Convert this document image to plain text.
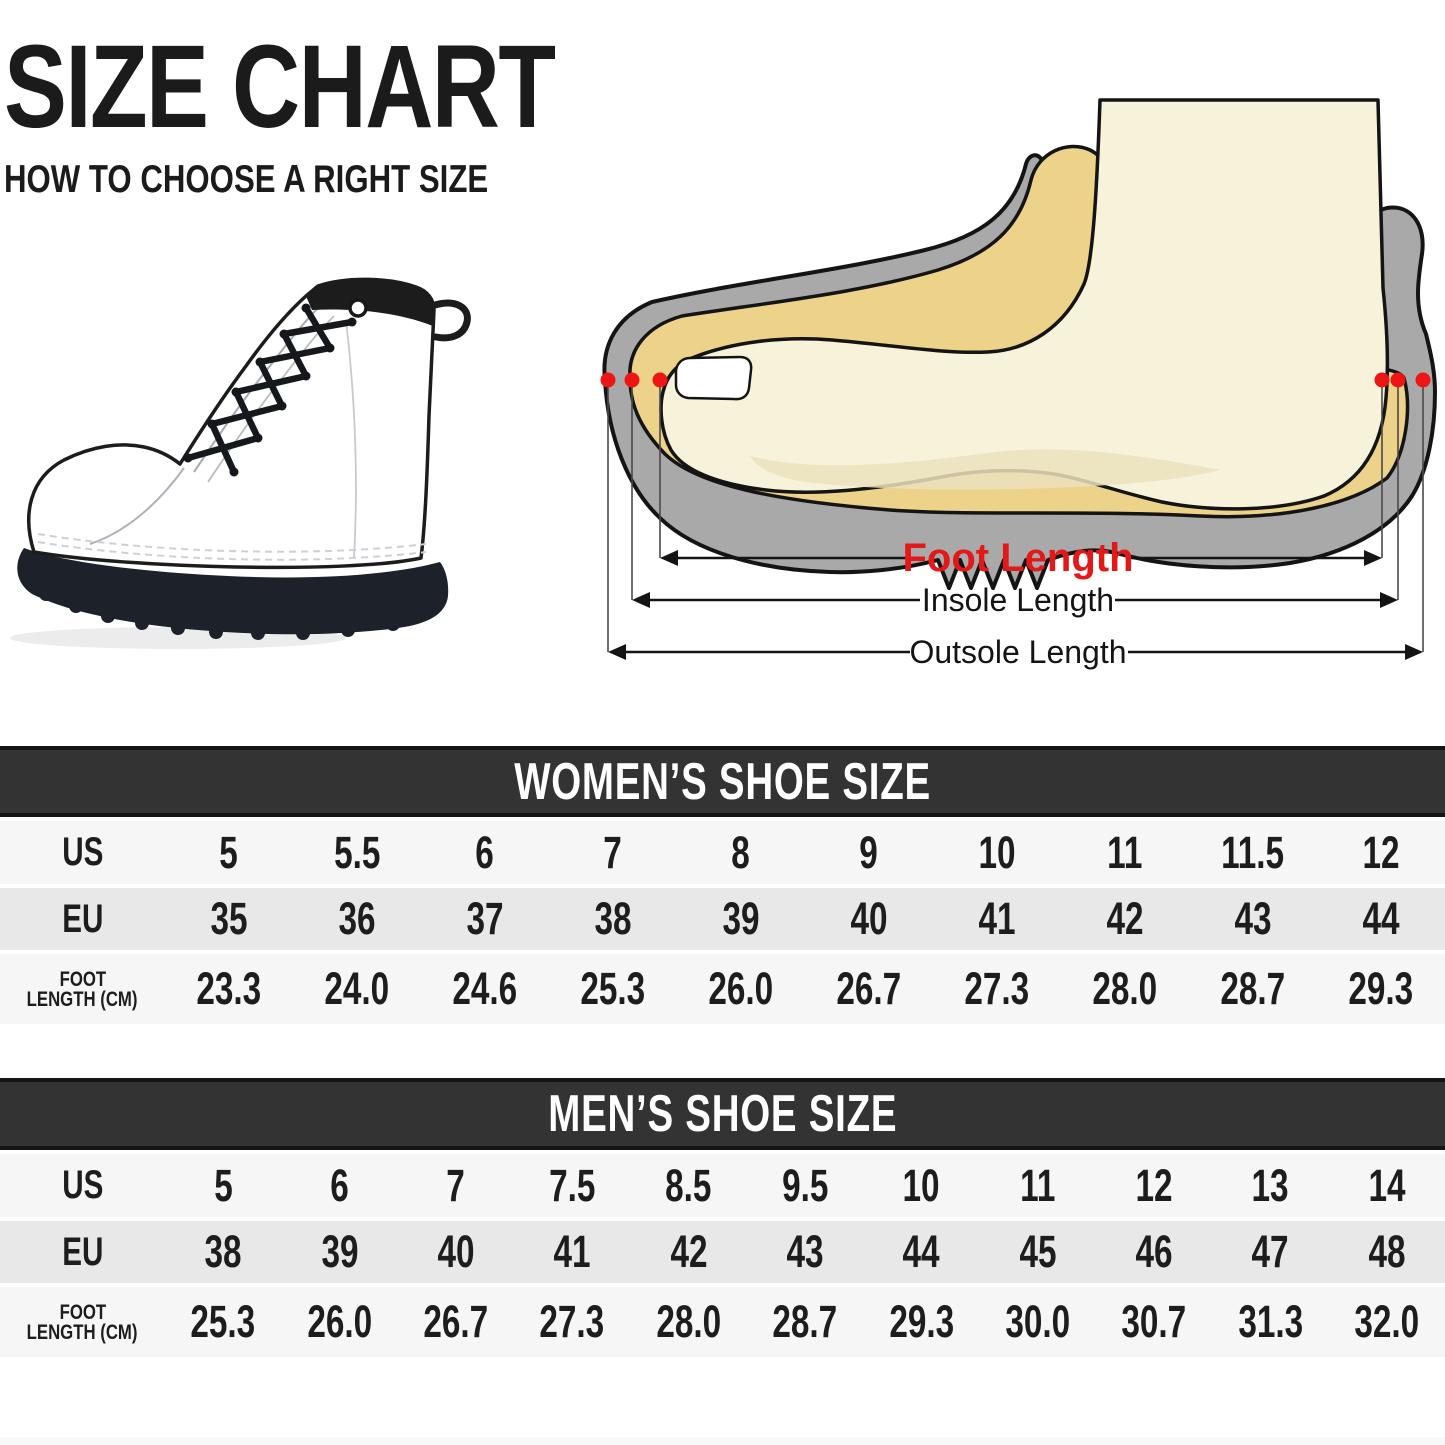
SIZE CHART
HOW TO CHOOSE A RIGHT SIZE
Foot Length
Insole Length
Outsole Length
WOMEN’S SHOE SIZE
US	5	5.5	6	7	8	9	10	11	11.5	12
EU	35	36	37	38	39	40	41	42	43	44
FOOT
LENGTH (CM)	23.3	24.0	24.6	25.3	26.0	26.7	27.3	28.0	28.7	29.3
MEN’S SHOE SIZE
US	5	6	7	7.5	8.5	9.5	10	11	12	13	14
EU	38	39	40	41	42	43	44	45	46	47	48
FOOT
LENGTH (CM)	25.3	26.0	26.7	27.3	28.0	28.7	29.3	30.0	30.7	31.3	32.0
